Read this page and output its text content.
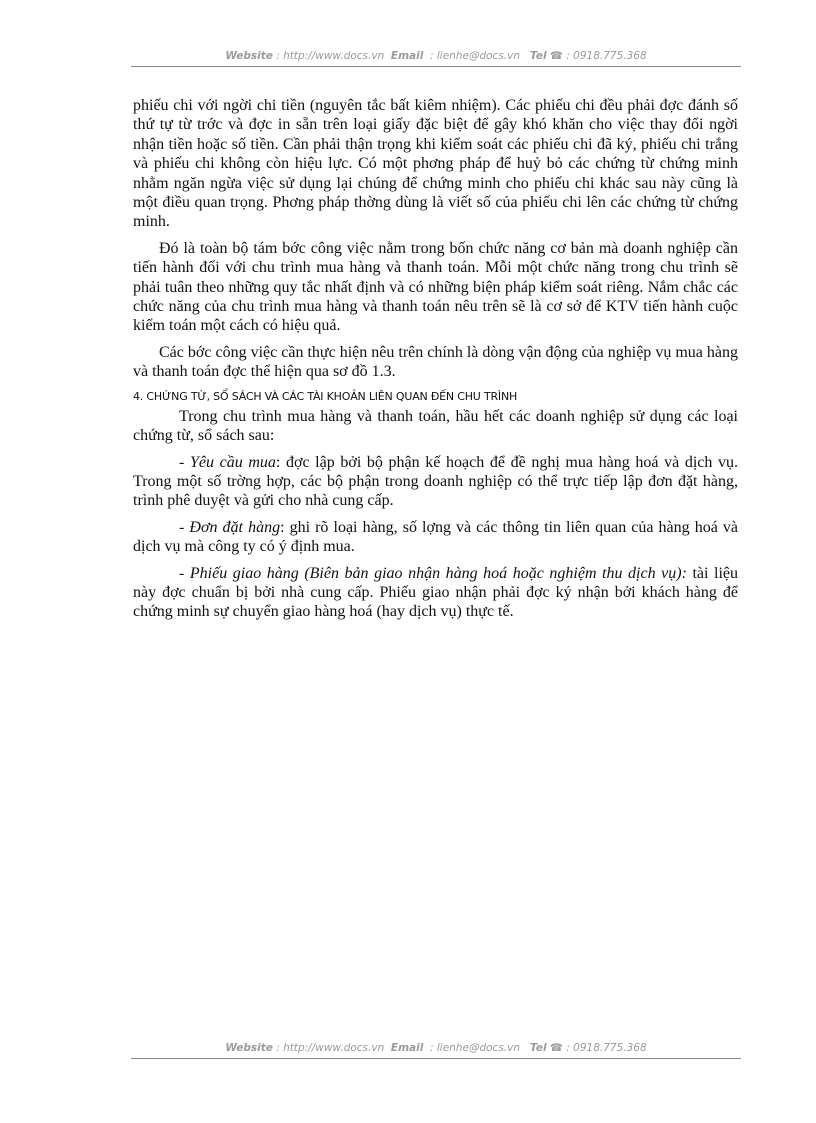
Website : http://www.docs.vn Email : lienhe@docs.vn Tel ☎ : 0918.775.368

phiếu chi với ngời chi tiền (nguyên tắc bất kiêm nhiệm). Các phiếu chi đều phải đợc đánh số thứ tự từ trớc và đợc in sẵn trên loại giấy đặc biệt để gây khó khăn cho việc thay đổi ngời nhận tiền hoặc số tiền. Cần phải thận trọng khi kiểm soát các phiếu chi đã ký, phiếu chi trắng và phiếu chi không còn hiệu lực. Có một phơng pháp để huỷ bỏ các chứng từ chứng minh nhằm ngăn ngừa việc sử dụng lại chúng để chứng minh cho phiếu chi khác sau này cũng là một điều quan trọng. Phơng pháp thờng dùng là viết số của phiếu chi lên các chứng từ chứng minh.

Đó là toàn bộ tám bớc công việc nằm trong bốn chức năng cơ bản mà doanh nghiệp cần tiến hành đối với chu trình mua hàng và thanh toán. Mỗi một chức năng trong chu trình sẽ phải tuân theo những quy tắc nhất định và có những biện pháp kiểm soát riêng. Nắm chắc các chức năng của chu trình mua hàng và thanh toán nêu trên sẽ là cơ sở để KTV tiến hành cuộc kiểm toán một cách có hiệu quả.

Các bớc công việc cần thực hiện nêu trên chính là dòng vận động của nghiệp vụ mua hàng và thanh toán đợc thể hiện qua sơ đồ 1.3.

4. CHỨNG TỪ, SỔ SÁCH VÀ CÁC TÀI KHOẢN LIÊN QUAN ĐẾN CHU TRÌNH

Trong chu trình mua hàng và thanh toán, hầu hết các doanh nghiệp sử dụng các loại chứng từ, sổ sách sau:

- Yêu cầu mua: đợc lập bởi bộ phận kế hoạch để đề nghị mua hàng hoá và dịch vụ. Trong một số trờng hợp, các bộ phận trong doanh nghiệp có thể trực tiếp lập đơn đặt hàng, trình phê duyệt và gửi cho nhà cung cấp.

- Đơn đặt hàng: ghi rõ loại hàng, số lợng và các thông tin liên quan của hàng hoá và dịch vụ mà công ty có ý định mua.

- Phiếu giao hàng (Biên bản giao nhận hàng hoá hoặc nghiệm thu dịch vụ): tài liệu này đợc chuẩn bị bởi nhà cung cấp. Phiếu giao nhận phải đợc ký nhận bởi khách hàng để chứng minh sự chuyển giao hàng hoá (hay dịch vụ) thực tế.

Website : http://www.docs.vn Email : lienhe@docs.vn Tel ☎ : 0918.775.368
